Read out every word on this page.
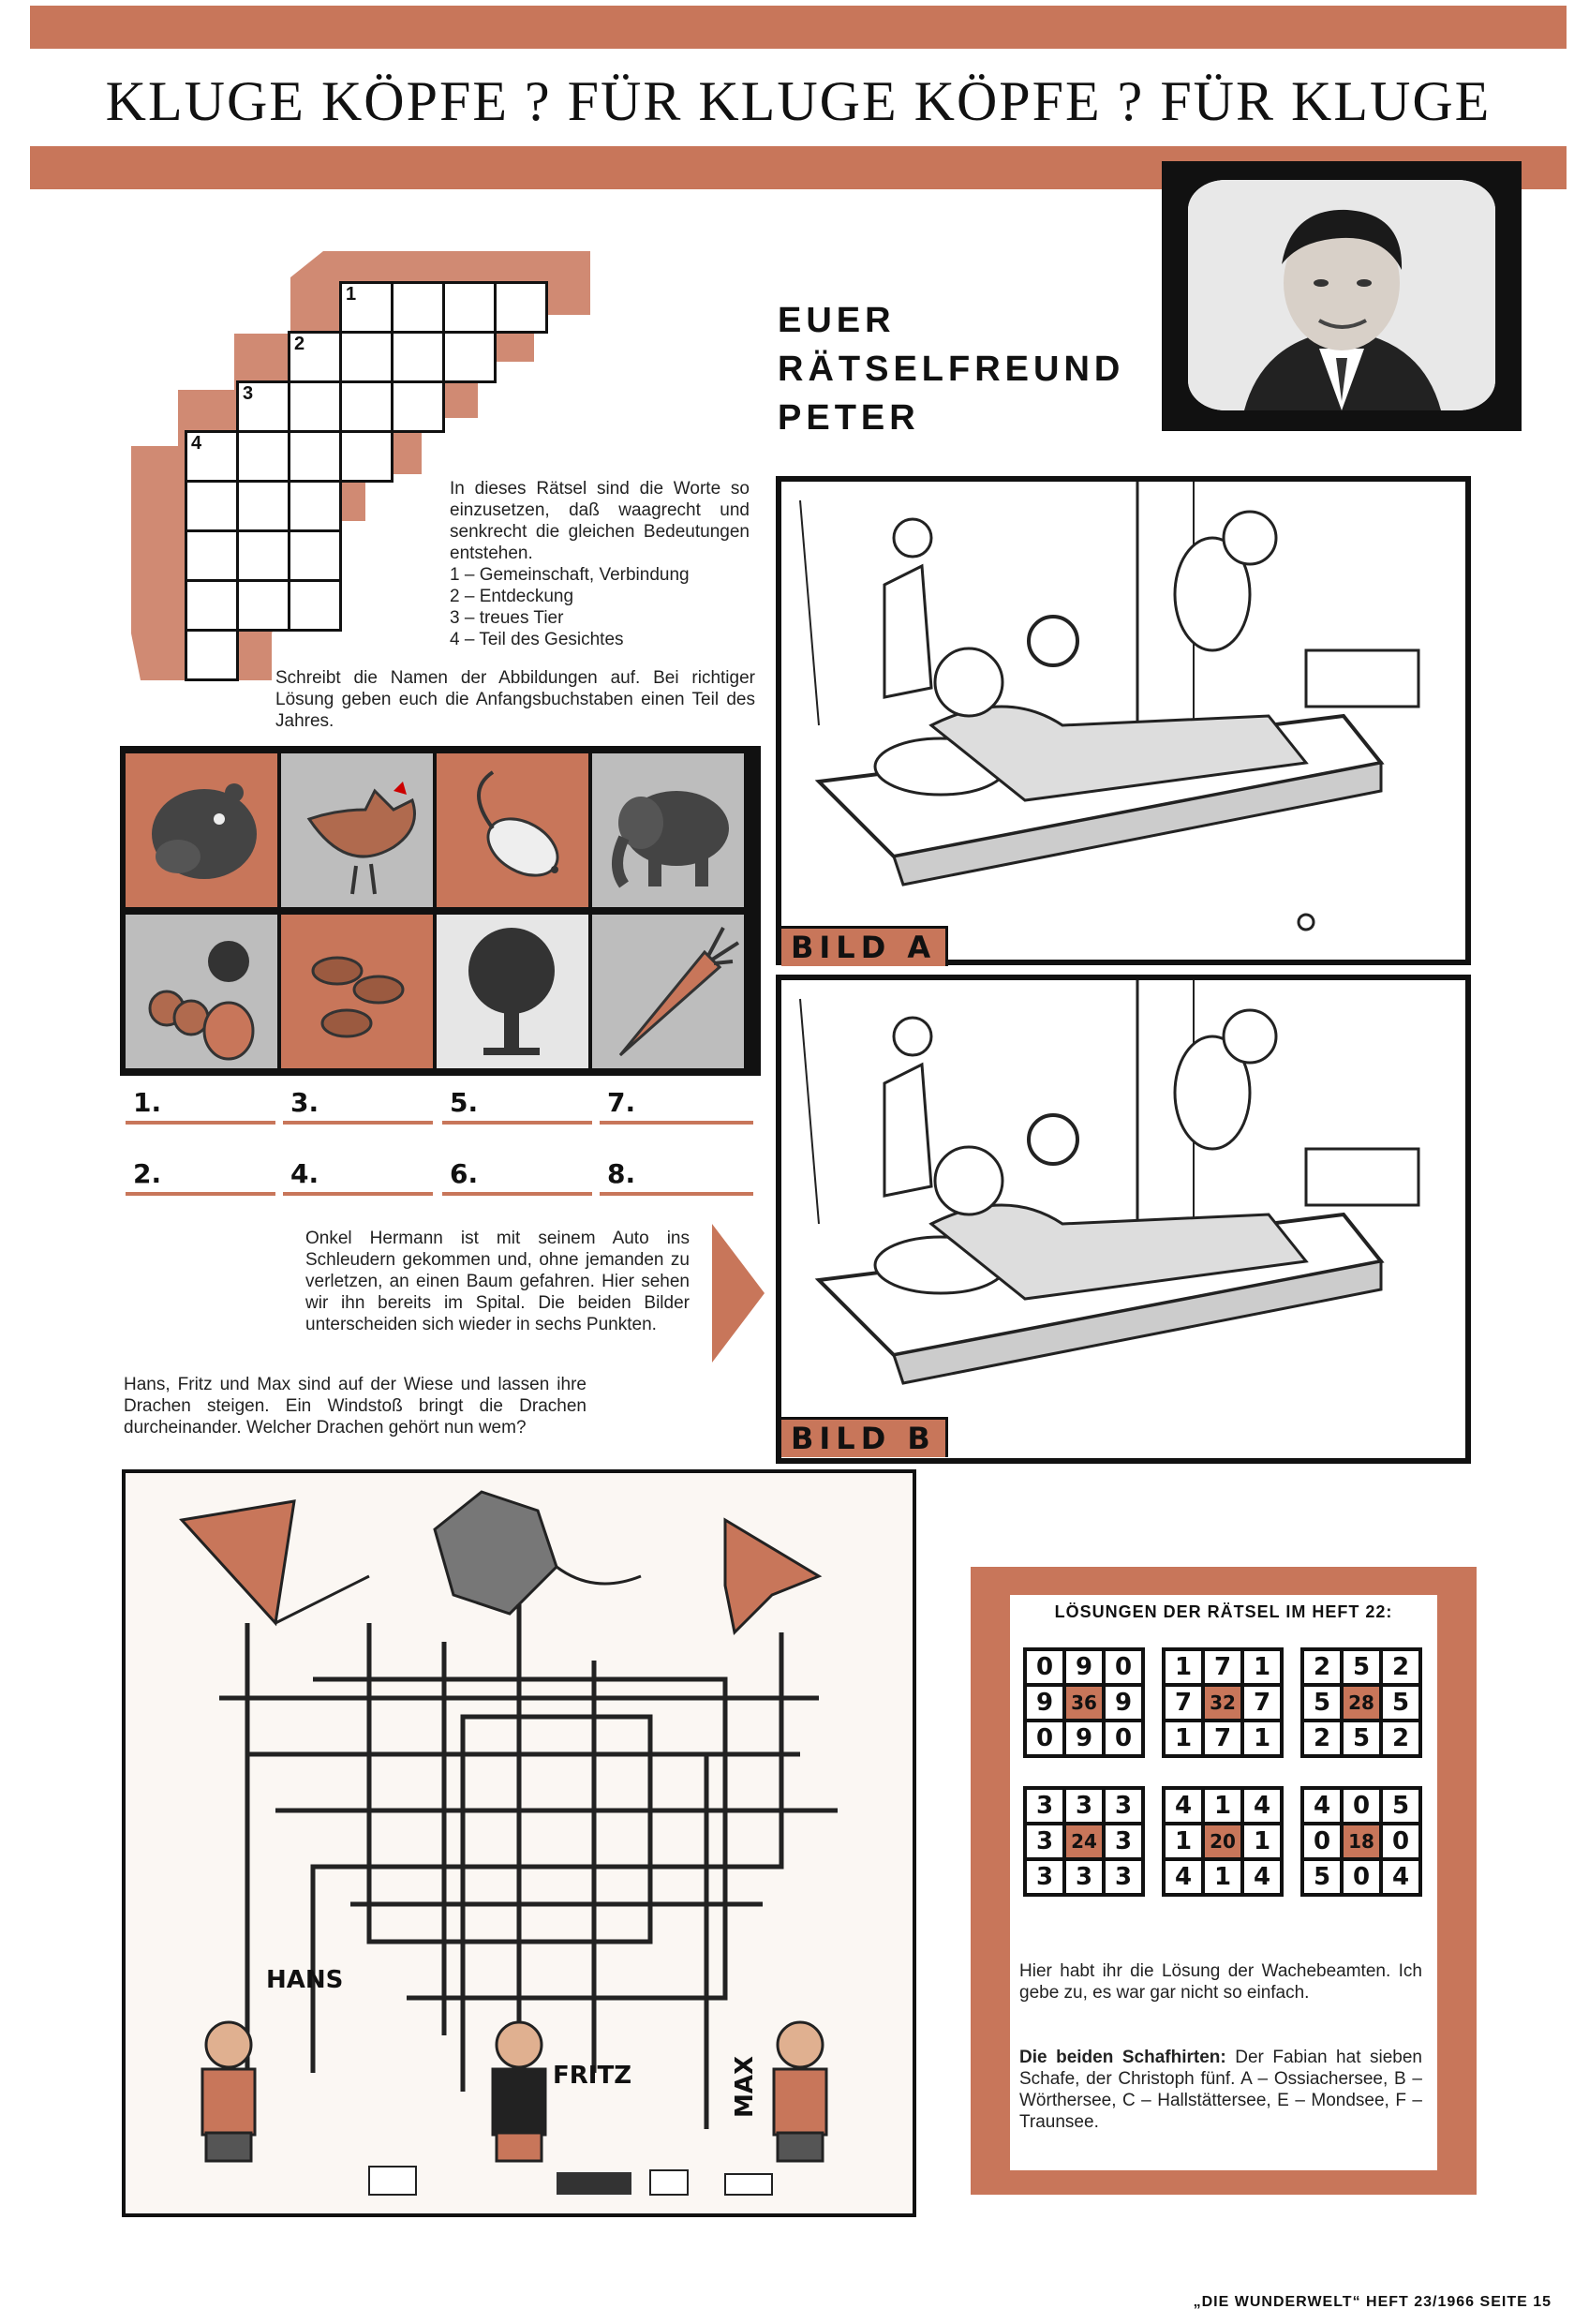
KLUGE KÖPFE ? FÜR KLUGE KÖPFE ? FÜR KLUGE
EUER
RÄTSELFREUND
PETER
1
2
3
4
In dieses Rätsel sind die Worte so einzusetzen, daß waagrecht und senkrecht die gleichen Bedeutungen entstehen.
1 – Gemeinschaft, Verbindung
2 – Entdeckung
3 – treues Tier
4 – Teil des Gesichtes
Schreibt die Namen der Abbildungen auf. Bei richtiger Lösung geben euch die Anfangsbuchstaben einen Teil des Jahres.
1.	3.	5.	7.
2.	4.	6.	8.
Onkel Hermann ist mit seinem Auto ins Schleudern gekommen und, ohne jemanden zu verletzen, an einen Baum gefahren. Hier sehen wir ihn bereits im Spital. Die beiden Bilder unterscheiden sich wieder in sechs Punkten.
BILD A
BILD B
Hans, Fritz und Max sind auf der Wiese und lassen ihre Drachen steigen. Ein Windstoß bringt die Drachen durcheinander. Welcher Drachen gehört nun wem?
HANS
FRITZ	MAX
LÖSUNGEN DER RÄTSEL IM HEFT 22:
0 9 0
9 36 9
0 9 0
1 7 1
7 32 7
1 7 1
2 5 2
5 28 5
2 5 2
3 3 3
3 24 3
3 3 3
4 1 4
1 20 1
4 1 4
4 0 5
0 18 0
5 0 4
Hier habt ihr die Lösung der Wachebeamten. Ich gebe zu, es war gar nicht so einfach.
Die beiden Schafhirten: Der Fabian hat sieben Schafe, der Christoph fünf. A – Ossiachersee, B – Wörthersee, C – Hallstättersee, E – Mondsee, F – Traunsee.
„DIE WUNDERWELT“ HEFT 23/1966 SEITE 15
